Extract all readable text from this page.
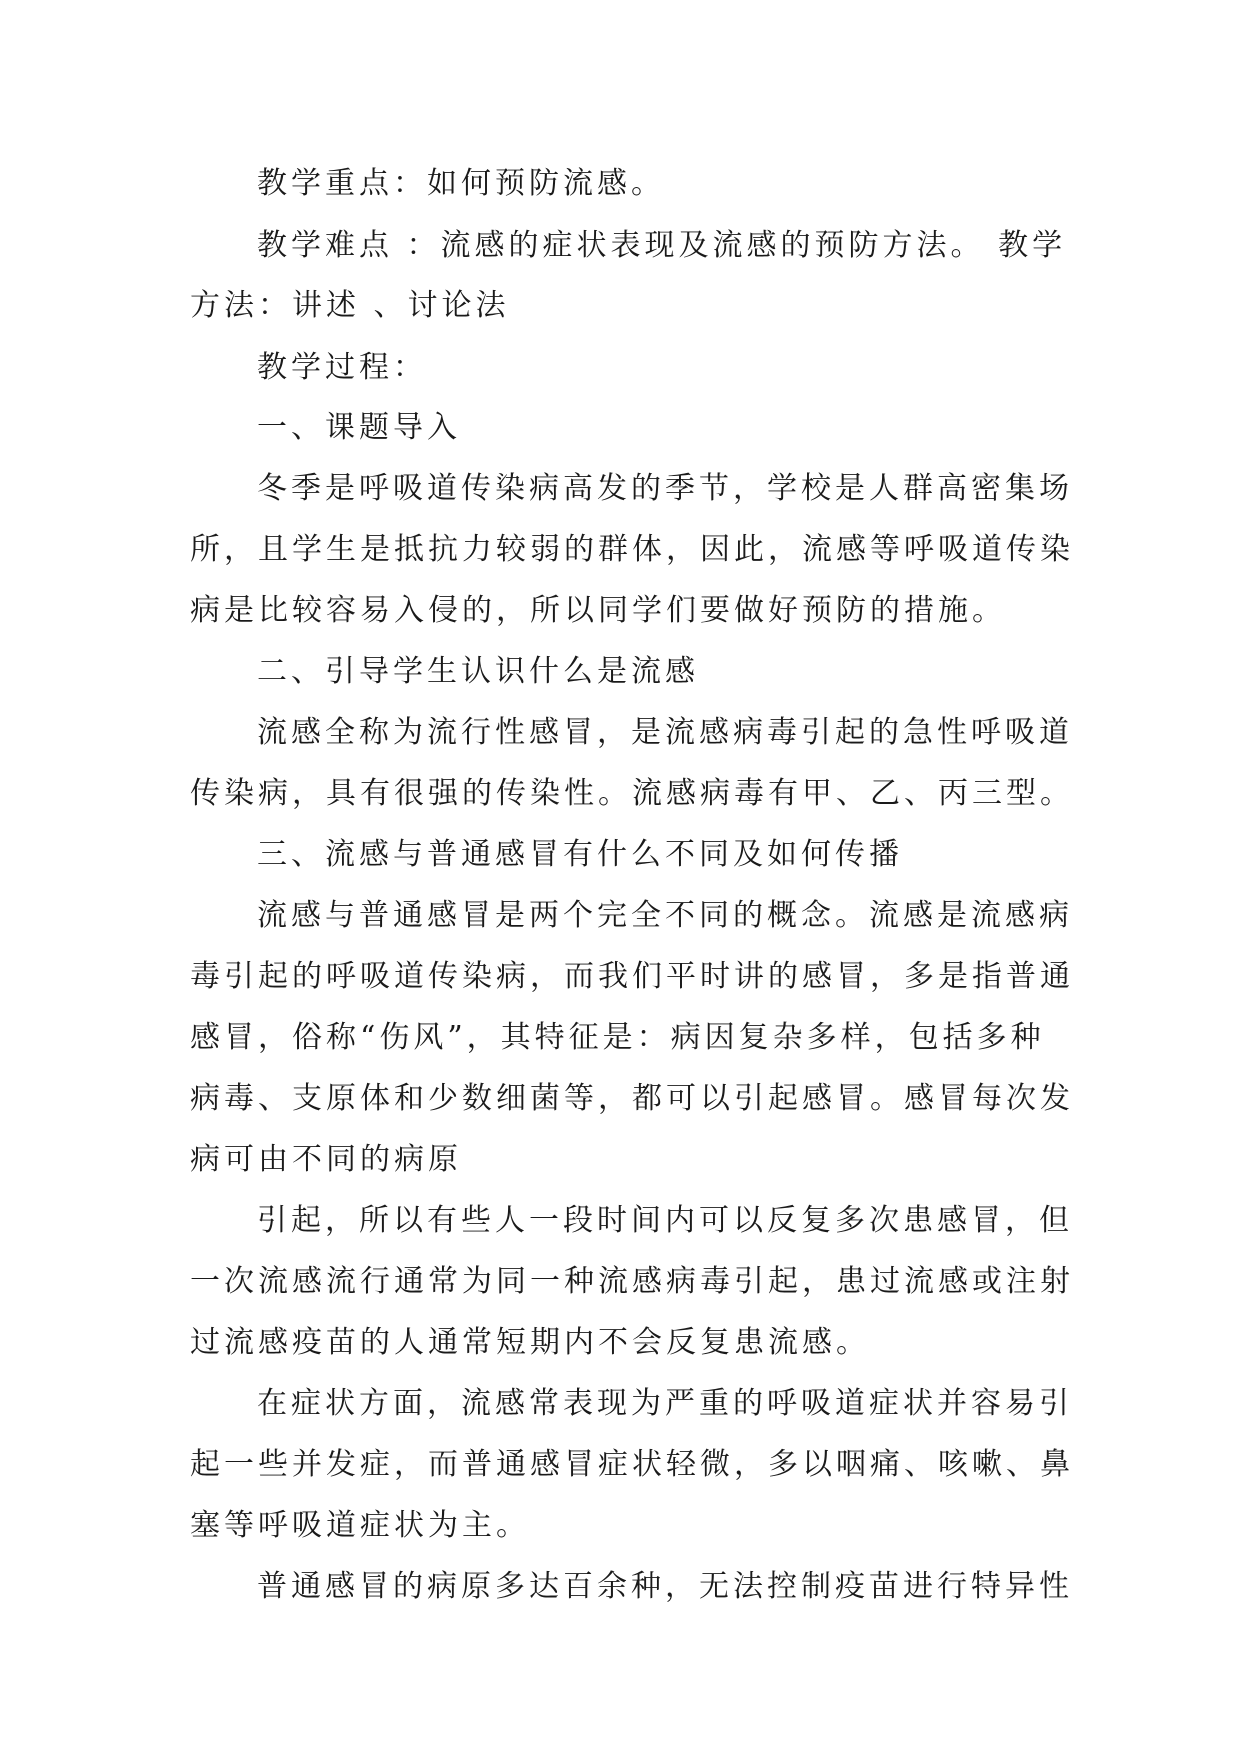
教学重点：如何预防流感。
教学难点 ：流感的症状表现及流感的预防方法。 教学
方法：讲述 、讨论法
教学过程：
一、课题导入
冬季是呼吸道传染病高发的季节，学校是人群高密集场
所，且学生是抵抗力较弱的群体，因此，流感等呼吸道传染
病是比较容易入侵的，所以同学们要做好预防的措施。
二、引导学生认识什么是流感
流感全称为流行性感冒，是流感病毒引起的急性呼吸道
传染病，具有很强的传染性。流感病毒有甲、乙、丙三型。
三、流感与普通感冒有什么不同及如何传播
流感与普通感冒是两个完全不同的概念。流感是流感病
毒引起的呼吸道传染病，而我们平时讲的感冒，多是指普通
感冒，俗称“伤风”，其特征是：病因复杂多样，包括多种
病毒、支原体和少数细菌等，都可以引起感冒。感冒每次发
病可由不同的病原
引起，所以有些人一段时间内可以反复多次患感冒，但
一次流感流行通常为同一种流感病毒引起，患过流感或注射
过流感疫苗的人通常短期内不会反复患流感。
在症状方面，流感常表现为严重的呼吸道症状并容易引
起一些并发症，而普通感冒症状轻微，多以咽痛、咳嗽、鼻
塞等呼吸道症状为主。
普通感冒的病原多达百余种，无法控制疫苗进行特异性
